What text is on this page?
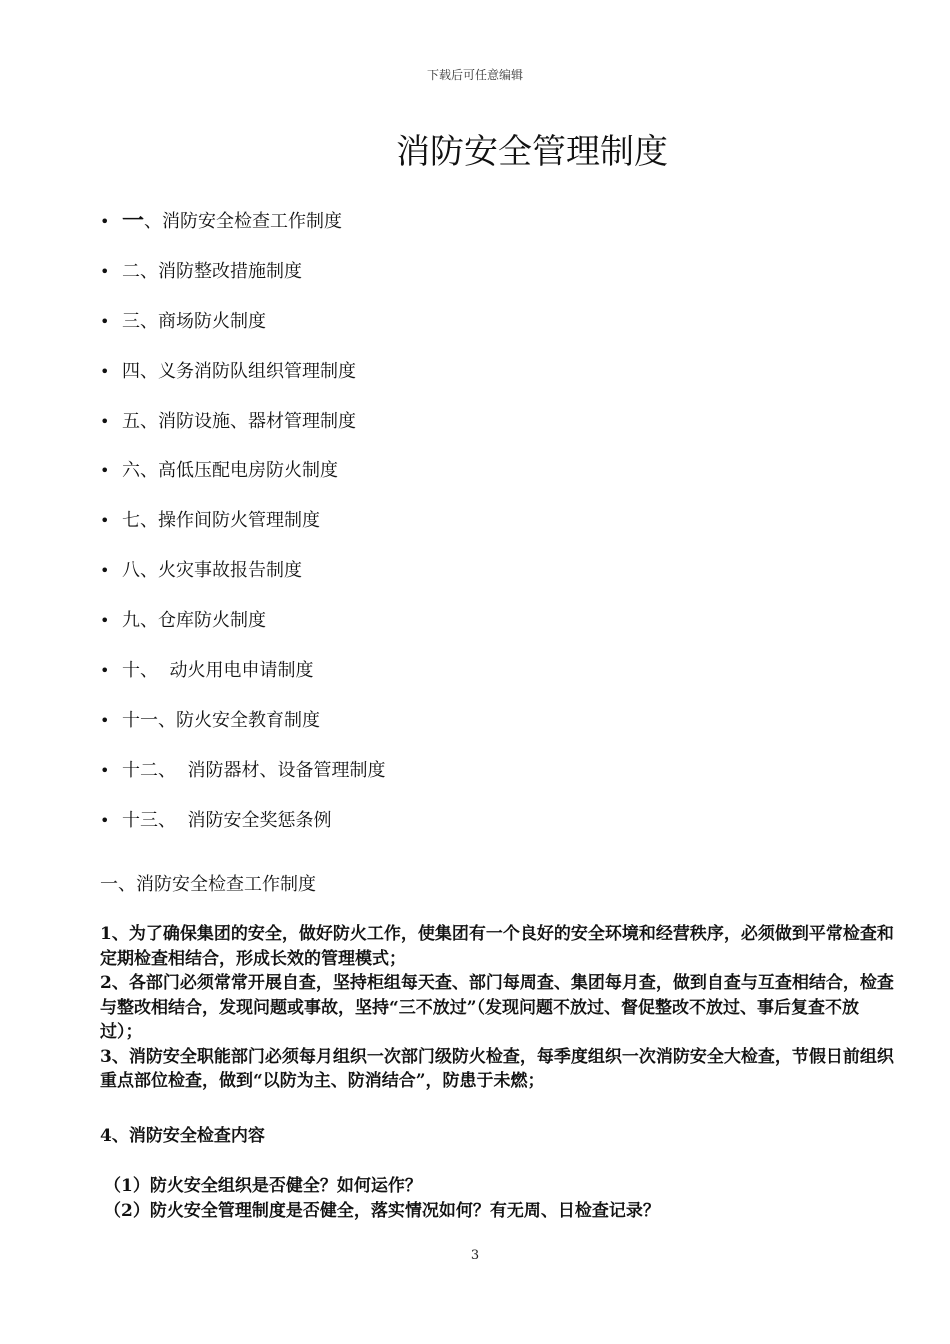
下载后可任意编辑
消防安全管理制度
• 一 、消防安全检查工作制度
• 二、消防整改措施制度
• 三、商场防火制度
• 四、义务消防队组织管理制度
• 五、消防设施、器材管理制度
• 六、高低压配电房防火制度
• 七、操作间防火管理制度
• 八、火灾事故报告制度
• 九、仓库防火制度
• 十、  动火用电申请制度
• 十一、防火安全教育制度
• 十二、  消防器材、设备管理制度
• 十三、  消防安全奖惩条例
一、消防安全检查工作制度

1、为了确保集团的安全，做好防火工作，使集团有一个良好的安全环境和经营秩序，必须做到平常检查和定期检查相结合，形成长效的管理模式；

2、各部门必须常常开展自查，坚持柜组每天查、部门每周查、集团每月查，做到自查与互查相结合，检查与整改相结合，发现问题或事故，坚持“三不放过”（发现问题不放过、督促整改不放过、事后复查不放过）；

3、消防安全职能部门必须每月组织一次部门级防火检查，每季度组织一次消防安全大检查，节假日前组织重点部位检查，做到“以防为主、防消结合”，防患于未燃；

4、消防安全检查内容

（1）防火安全组织是否健全？如何运作？

（2）防火安全管理制度是否健全，落实情况如何？有无周、日检查记录？

3
